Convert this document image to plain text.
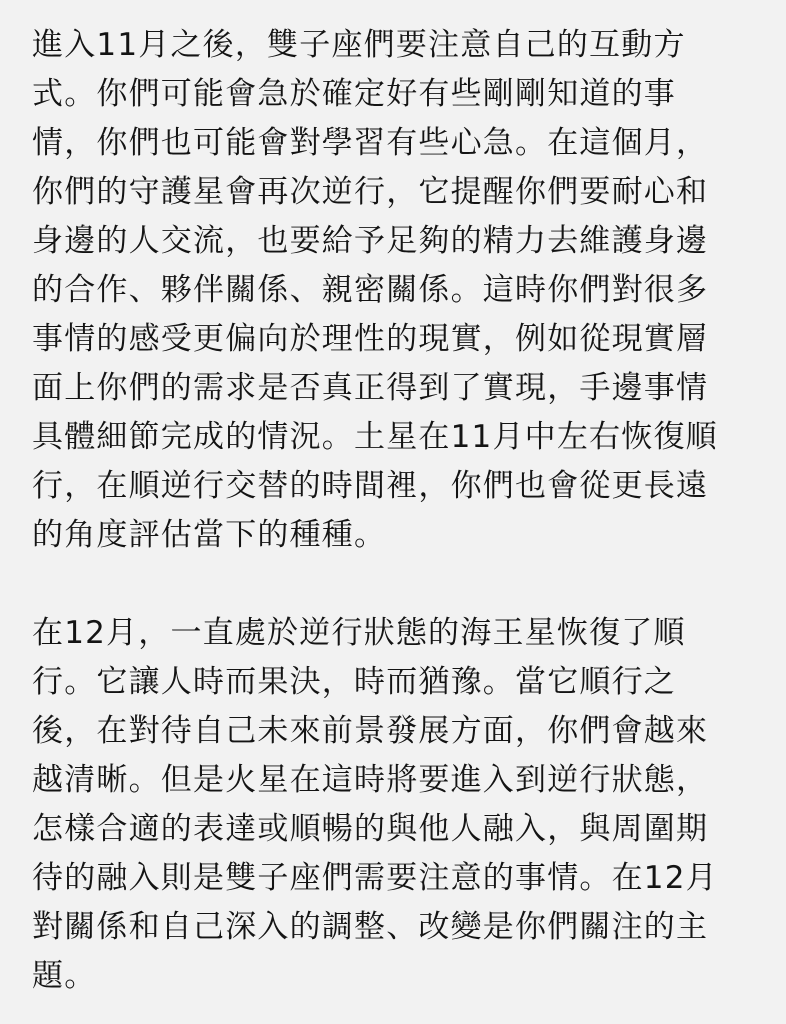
進入11月之後，雙子座們要注意自己的互動方
式。你們可能會急於確定好有些剛剛知道的事
情，你們也可能會對學習有些心急。在這個月，
你們的守護星會再次逆行，它提醒你們要耐心和
身邊的人交流，也要給予足夠的精力去維護身邊
的合作、夥伴關係、親密關係。這時你們對很多
事情的感受更偏向於理性的現實，例如從現實層
面上你們的需求是否真正得到了實現，手邊事情
具體細節完成的情況。土星在11月中左右恢復順
行，在順逆行交替的時間裡，你們也會從更長遠
的角度評估當下的種種。

在12月，一直處於逆行狀態的海王星恢復了順
行。它讓人時而果決，時而猶豫。當它順行之
後，在對待自己未來前景發展方面，你們會越來
越清晰。但是火星在這時將要進入到逆行狀態，
怎樣合適的表達或順暢的與他人融入，與周圍期
待的融入則是雙子座們需要注意的事情。在12月
對關係和自己深入的調整、改變是你們關注的主
題。
